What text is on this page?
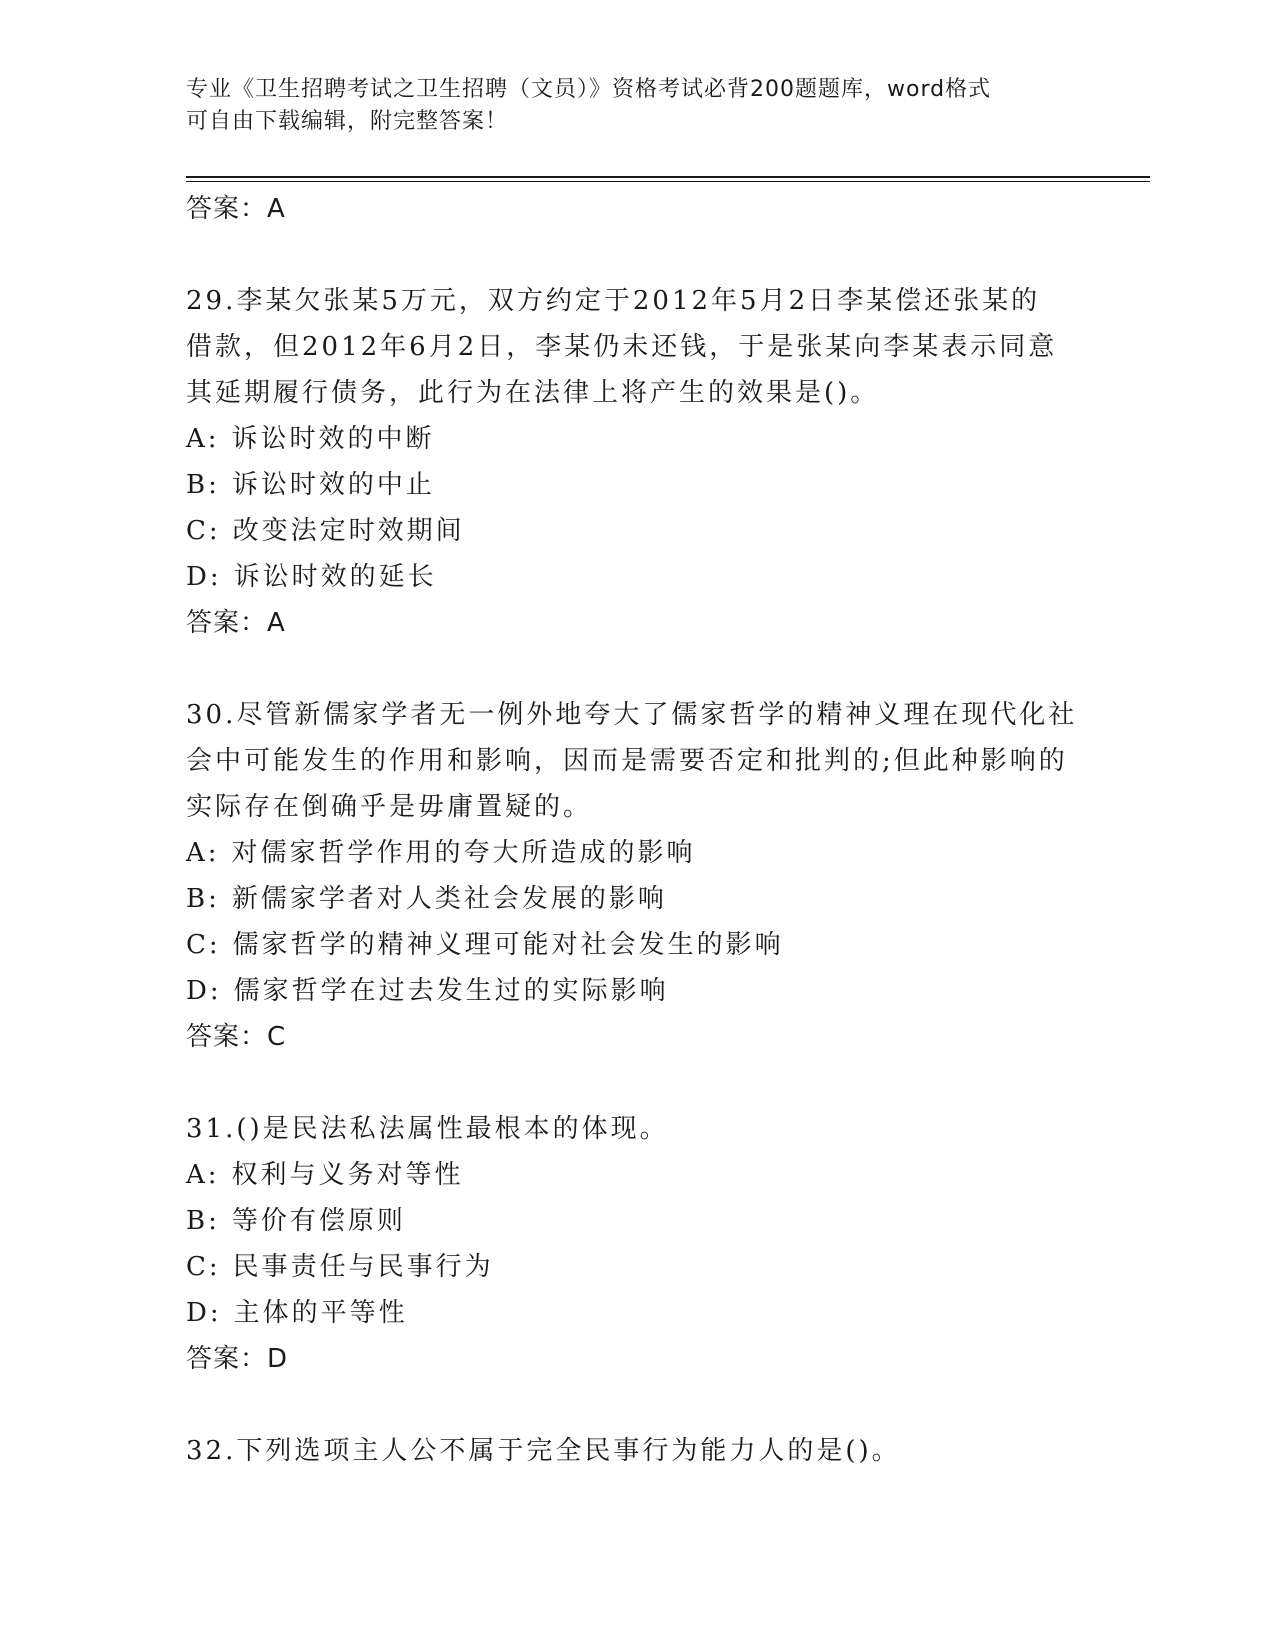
专业《卫生招聘考试之卫生招聘（文员）》资格考试必背200题题库，word格式
可自由下载编辑，附完整答案！
答案：A
29.李某欠张某5万元，双方约定于2012年5月2日李某偿还张某的
借款，但2012年6月2日，李某仍未还钱，于是张某向李某表示同意
其延期履行债务，此行为在法律上将产生的效果是()。
A: 诉讼时效的中断
B: 诉讼时效的中止
C: 改变法定时效期间
D: 诉讼时效的延长
答案：A
30.尽管新儒家学者无一例外地夸大了儒家哲学的精神义理在现代化社
会中可能发生的作用和影响，因而是需要否定和批判的;但此种影响的
实际存在倒确乎是毋庸置疑的。
A: 对儒家哲学作用的夸大所造成的影响
B: 新儒家学者对人类社会发展的影响
C: 儒家哲学的精神义理可能对社会发生的影响
D: 儒家哲学在过去发生过的实际影响
答案：C
31.()是民法私法属性最根本的体现。
A: 权利与义务对等性
B: 等价有偿原则
C: 民事责任与民事行为
D: 主体的平等性
答案：D
32.下列选项主人公不属于完全民事行为能力人的是()。
